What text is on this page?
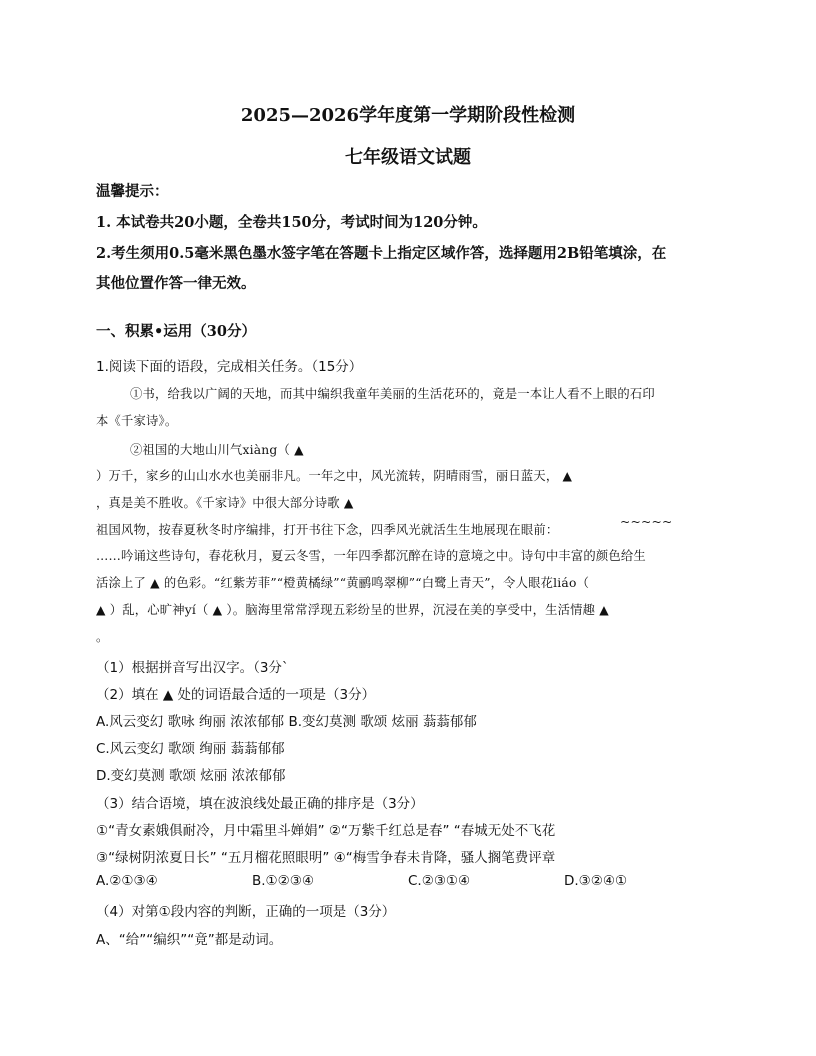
2025—2026学年度第一学期阶段性检测
七年级语文试题
温馨提示：
1. 本试卷共20小题，全卷共150分，考试时间为120分钟。
2.考生须用0.5毫米黑色墨水签字笔在答题卡上指定区域作答，选择题用2B铅笔填涂，在
其他位置作答一律无效。
一、积累•运用（30分）
1.阅读下面的语段，完成相关任务。（15分）
①书，给我以广阔的天地，而其中编织我童年美丽的生活花环的，竟是一本让人看不上眼的石印
本《千家诗》。
②祖国的大地山川气xiàng（ ▲
）万千，家乡的山山水水也美丽非凡。一年之中，风光流转，阴晴雨雪，丽日蓝天， ▲
，真是美不胜收。《千家诗》中很大部分诗歌 ▲
祖国风物，按春夏秋冬时序编排，打开书往下念，四季风光就活生生地展现在眼前：
~~~~~
……吟诵这些诗句，春花秋月，夏云冬雪，一年四季都沉醉在诗的意境之中。诗句中丰富的颜色给生
活涂上了 ▲ 的色彩。“红紫芳菲”“橙黄橘绿”“黄鹂鸣翠柳”“白鹭上青天”，令人眼花liáo（
▲ ）乱，心旷神yí（ ▲ ）。脑海里常常浮现五彩纷呈的世界，沉浸在美的享受中，生活情趣 ▲
。
（1）根据拼音写出汉字。（3分`
（2）填在 ▲ 处的词语最合适的一项是（3分）
A.风云变幻 歌咏 绚丽 浓浓郁郁 B.变幻莫测 歌颂 炫丽 蓊蓊郁郁
C.风云变幻 歌颂 绚丽 蓊蓊郁郁
D.变幻莫测 歌颂 炫丽 浓浓郁郁
（3）结合语境，填在波浪线处最正确的排序是（3分）
①“青女素娥俱耐冷，月中霜里斗婵娟” ②“万紫千红总是春” “春城无处不飞花
③“绿树阴浓夏日长” “五月榴花照眼明” ④“梅雪争春未肯降，骚人搁笔费评章
A.②①③④	B.①②③④	C.②③①④	D.③②④①
（4）对第①段内容的判断，正确的一项是（3分）
A、“给”“编织”“竟”都是动词。
